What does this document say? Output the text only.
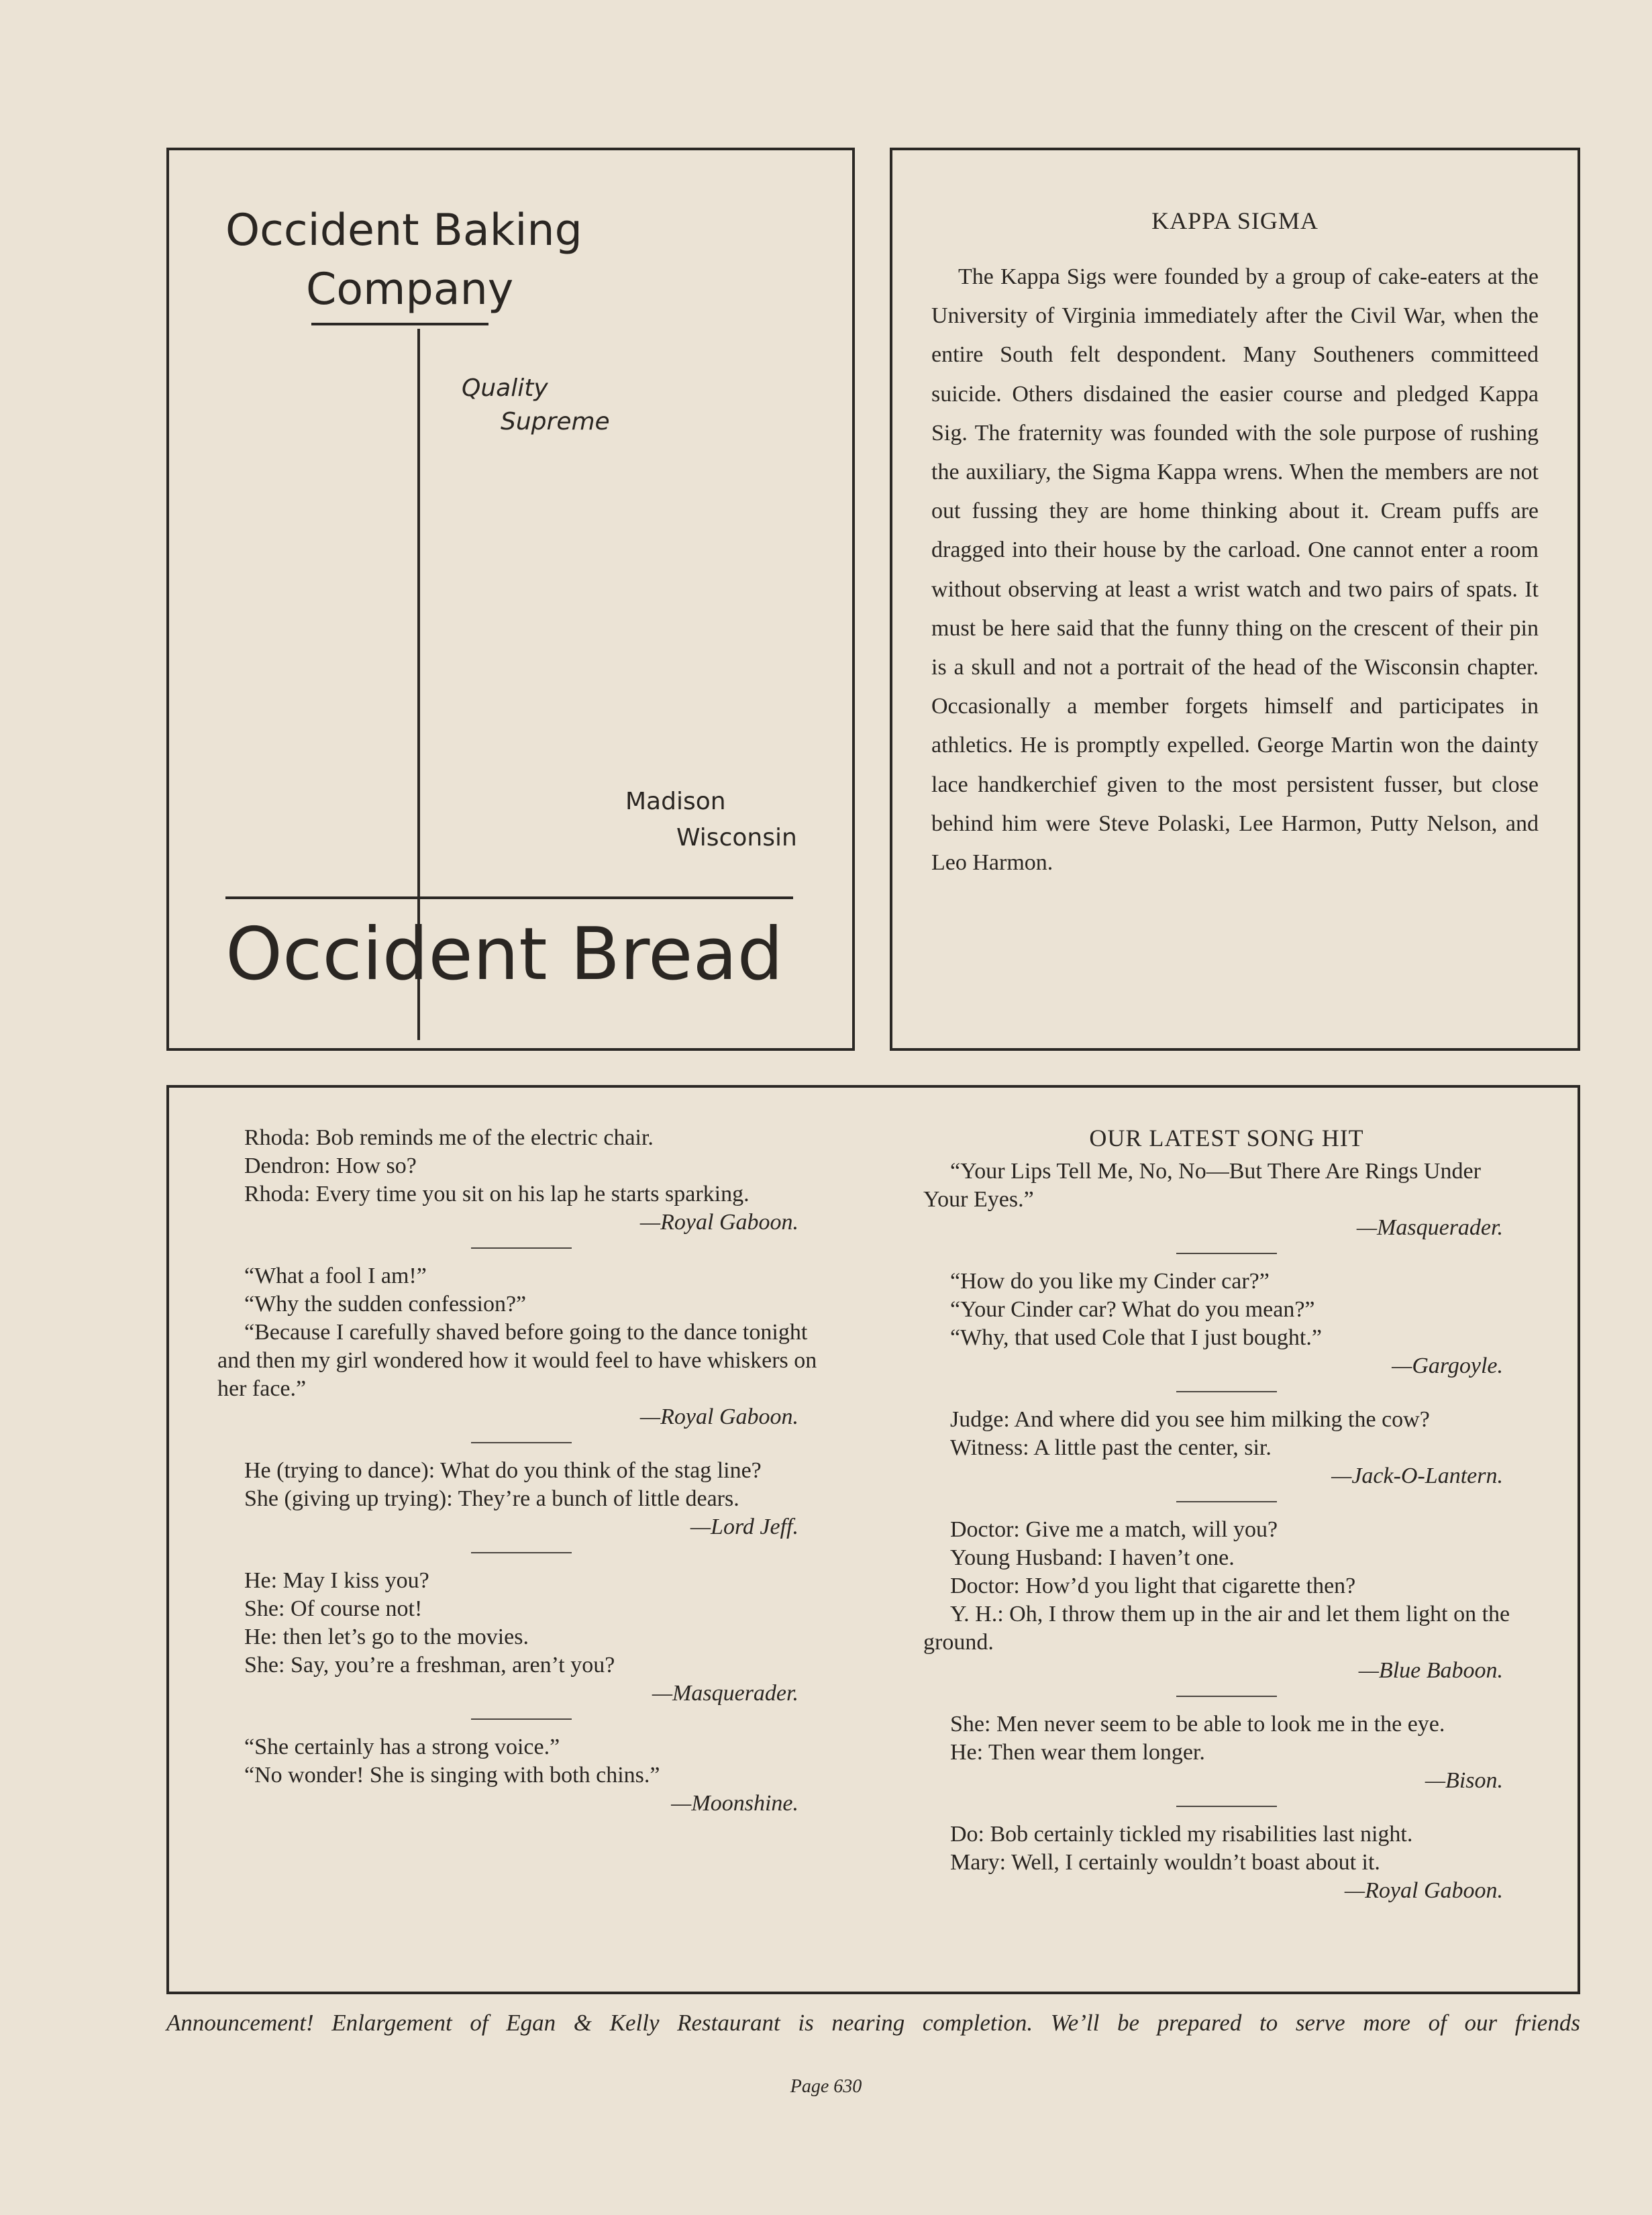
Occident Baking
Company
Quality
Supreme
Madison
Wisconsin
Occident Bread
KAPPA SIGMA
The Kappa Sigs were founded by a group of cake-eaters at the University of Virginia immediately after the Civil War, when the entire South felt despondent. Many Southeners committeed suicide. Others disdained the easier course and pledged Kappa Sig. The fraternity was founded with the sole purpose of rushing the auxiliary, the Sigma Kappa wrens. When the members are not out fussing they are home thinking about it. Cream puffs are dragged into their house by the carload. One cannot enter a room without observing at least a wrist watch and two pairs of spats. It must be here said that the funny thing on the crescent of their pin is a skull and not a portrait of the head of the Wisconsin chapter. Occasionally a member forgets himself and participates in athletics. He is promptly expelled. George Martin won the dainty lace handkerchief given to the most persistent fusser, but close behind him were Steve Polaski, Lee Harmon, Putty Nelson, and Leo Harmon.

Rhoda: Bob reminds me of the electric chair.

Dendron: How so?

Rhoda: Every time you sit on his lap he starts sparking.

—Royal Gaboon.

“What a fool I am!”

“Why the sudden confession?”

“Because I carefully shaved before going to the dance tonight and then my girl wondered how it would feel to have whiskers on her face.”

—Royal Gaboon.

He (trying to dance): What do you think of the stag line?

She (giving up trying): They’re a bunch of little dears.

—Lord Jeff.

He: May I kiss you?

She: Of course not!

He: then let’s go to the movies.

She: Say, you’re a freshman, aren’t you?

—Masquerader.

“She certainly has a strong voice.”

“No wonder! She is singing with both chins.”

—Moonshine.
OUR LATEST SONG HIT

“Your Lips Tell Me, No, No—But There Are Rings Under Your Eyes.”

—Masquerader.

“How do you like my Cinder car?”

“Your Cinder car? What do you mean?”

“Why, that used Cole that I just bought.”

—Gargoyle.

Judge: And where did you see him milking the cow?

Witness: A little past the center, sir.

—Jack-O-Lantern.

Doctor: Give me a match, will you?

Young Husband: I haven’t one.

Doctor: How’d you light that cigarette then?

Y. H.: Oh, I throw them up in the air and let them light on the ground.

—Blue Baboon.

She: Men never seem to be able to look me in the eye.

He: Then wear them longer.

—Bison.

Do: Bob certainly tickled my risabilities last night.

Mary: Well, I certainly wouldn’t boast about it.

—Royal Gaboon.
Announcement! Enlargement of Egan & Kelly Restaurant is nearing completion. We’ll be prepared to serve more of our friends
Page 630
